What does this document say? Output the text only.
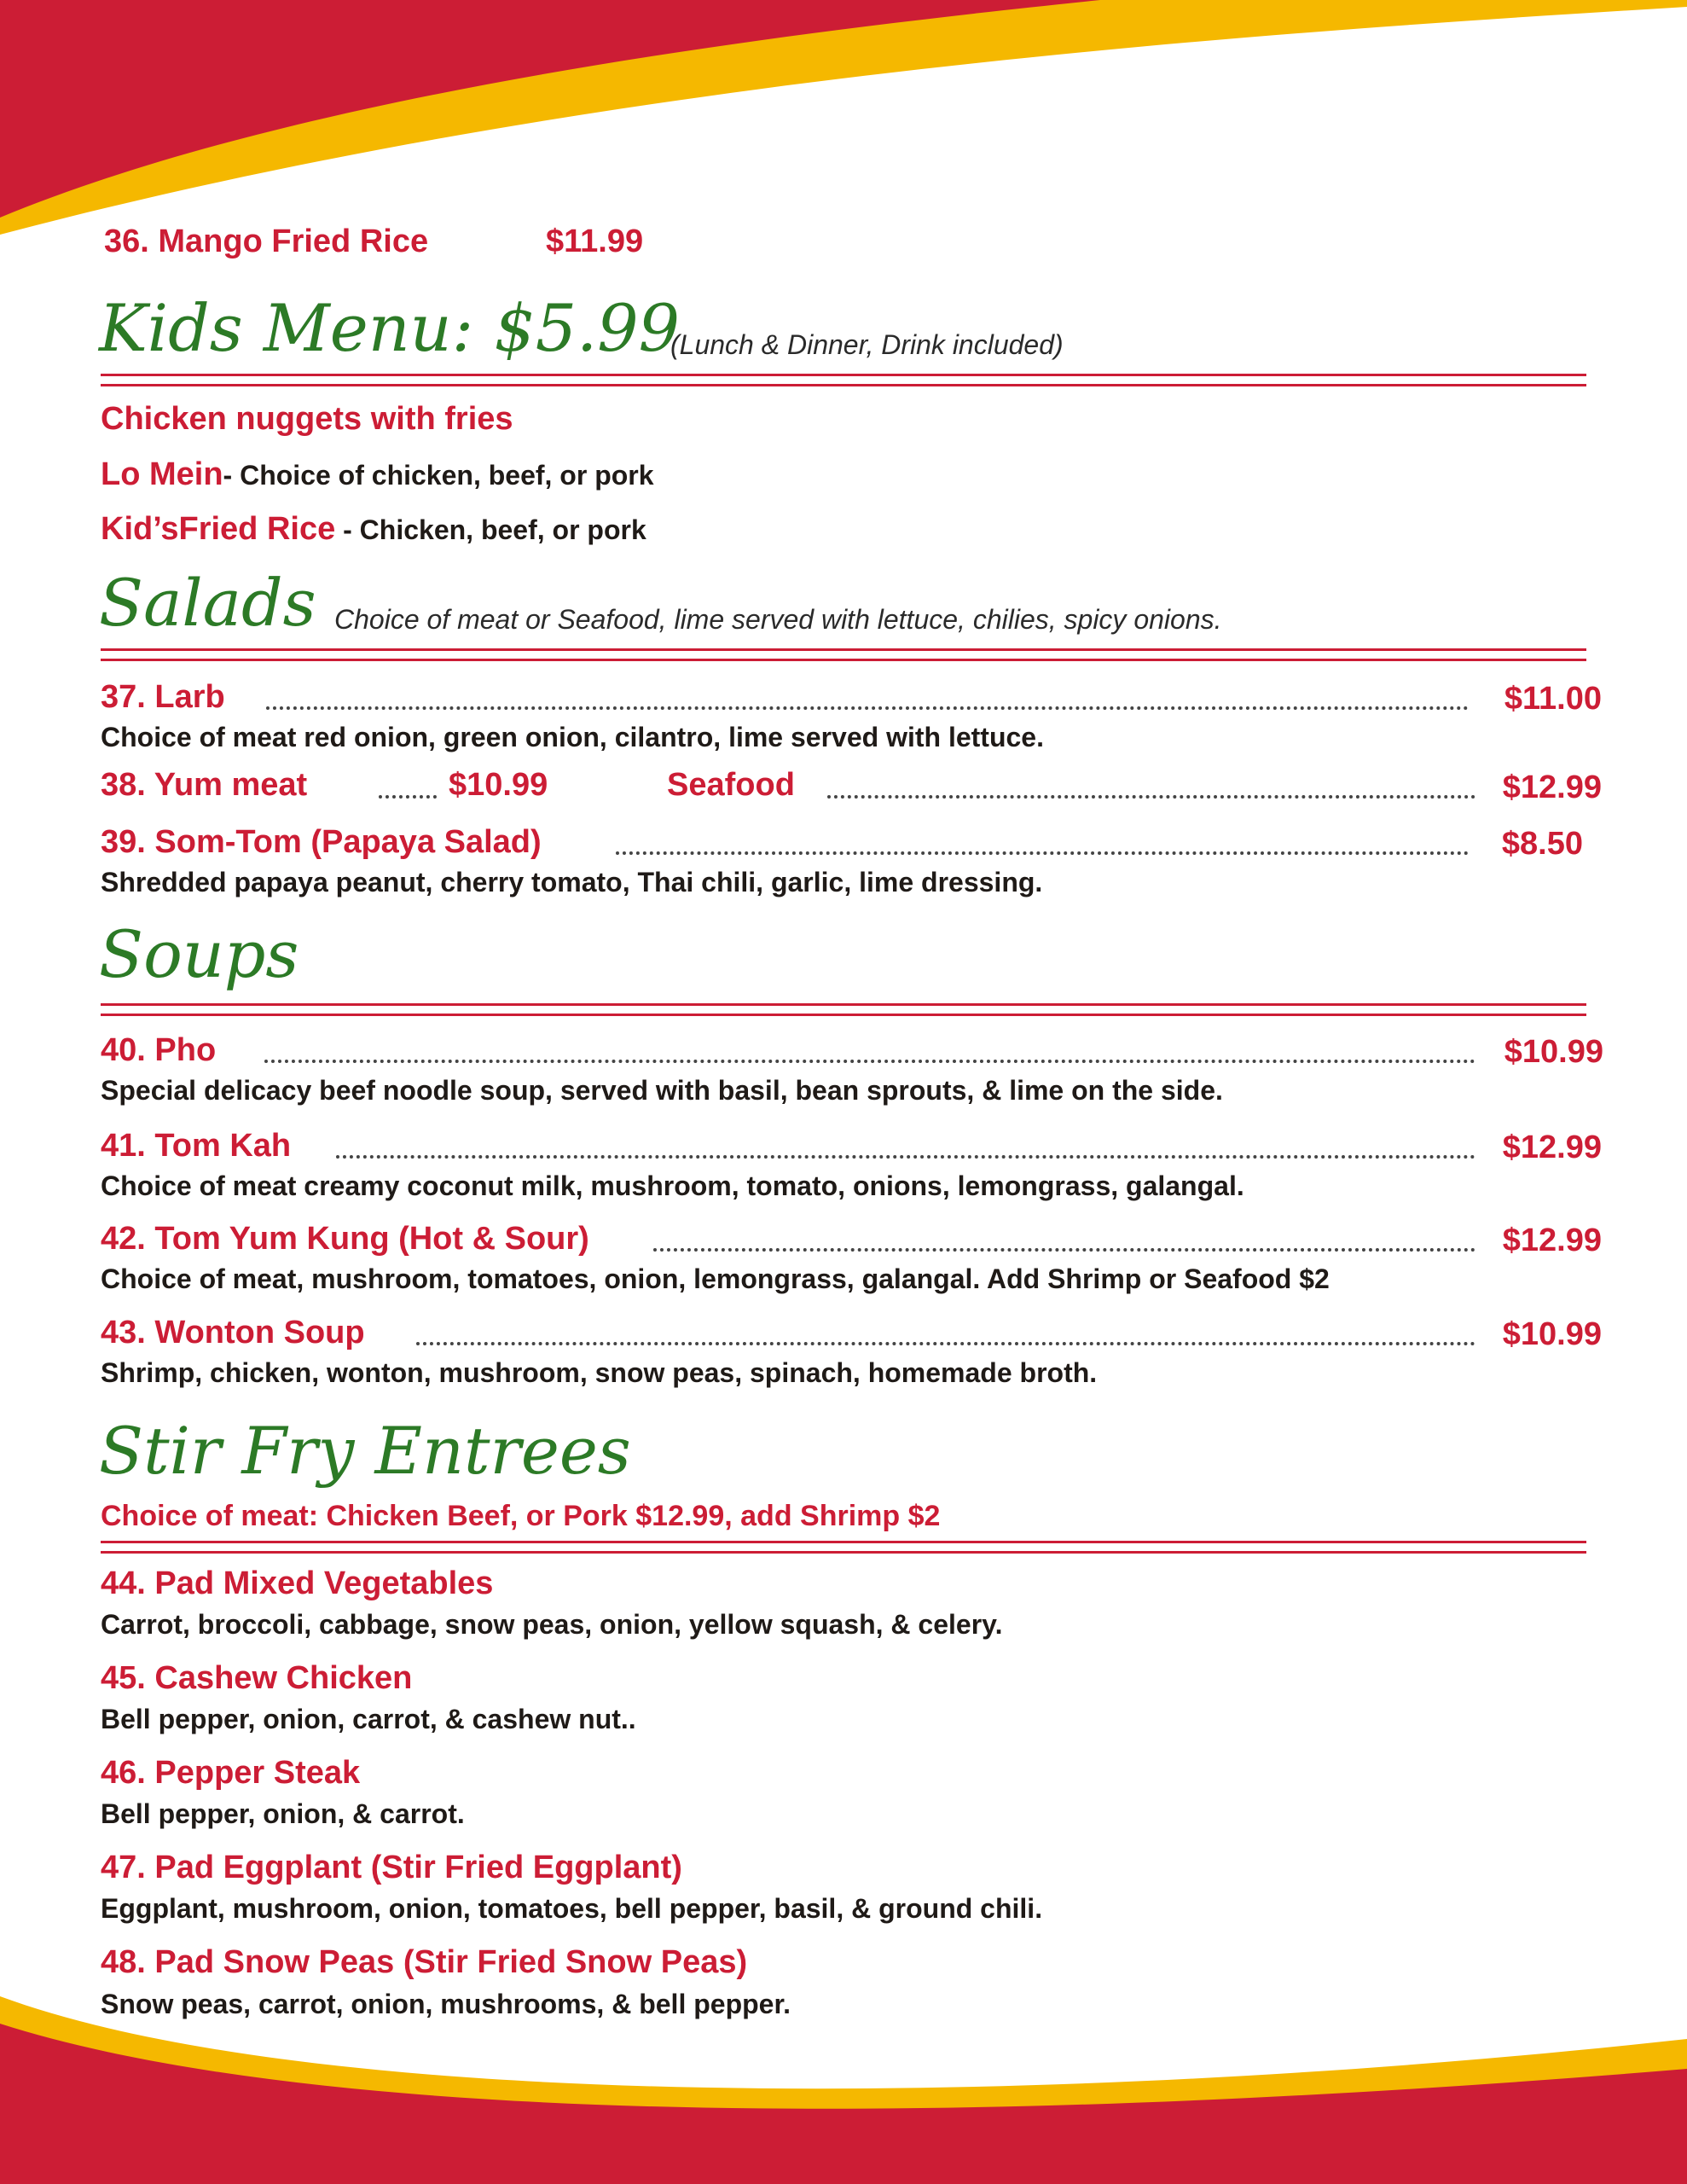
36. Mango Fried Rice	$11.99
Kids Menu: $5.99
(Lunch & Dinner, Drink included)
Chicken nuggets with fries
Lo Mein- Choice of chicken, beef, or pork
Kid’sFried Rice - Chicken, beef, or pork
Salads Choice of meat or Seafood, lime served with lettuce, chilies, spicy onions.
37. Larb	$11.00
Choice of meat red onion, green onion, cilantro, lime served with lettuce.
38. Yum meat	$10.99	Seafood	$12.99
39. Som-Tom (Papaya Salad)	$8.50
Shredded papaya peanut, cherry tomato, Thai chili, garlic, lime dressing.
Soups
40. Pho	$10.99
Special delicacy beef noodle soup, served with basil, bean sprouts, & lime on the side.
41. Tom Kah	$12.99
Choice of meat creamy coconut milk, mushroom, tomato, onions, lemongrass, galangal.
42. Tom Yum Kung (Hot & Sour)	$12.99
Choice of meat, mushroom, tomatoes, onion, lemongrass, galangal. Add Shrimp or Seafood $2
43. Wonton Soup	$10.99
Shrimp, chicken, wonton, mushroom, snow peas, spinach, homemade broth.
Stir Fry Entrees
Choice of meat: Chicken Beef, or Pork $12.99, add Shrimp $2
44. Pad Mixed Vegetables
Carrot, broccoli, cabbage, snow peas, onion, yellow squash, & celery.
45. Cashew Chicken
Bell pepper, onion, carrot, & cashew nut..
46. Pepper Steak
Bell pepper, onion, & carrot.
47. Pad Eggplant (Stir Fried Eggplant)
Eggplant, mushroom, onion, tomatoes, bell pepper, basil, & ground chili.
48. Pad Snow Peas (Stir Fried Snow Peas)
Snow peas, carrot, onion, mushrooms, & bell pepper.
